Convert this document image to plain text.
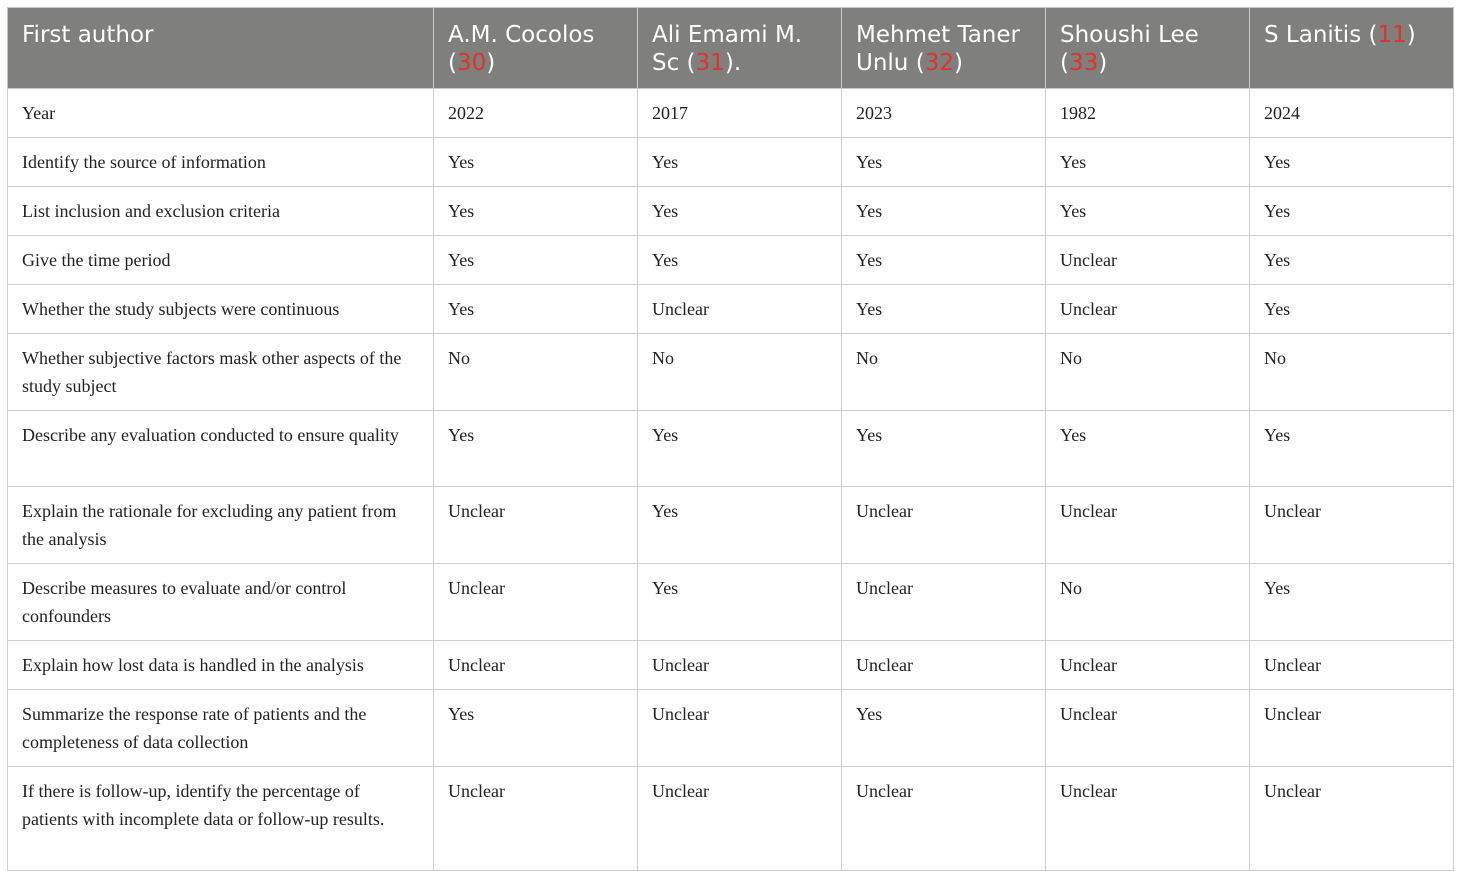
First author	A.M. Cocolos (30)	Ali Emami M. Sc (31).	Mehmet Taner Unlu (32)	Shoushi Lee (33)	S Lanitis (11)
Year	2022	2017	2023	1982	2024
Identify the source of information	Yes	Yes	Yes	Yes	Yes
List inclusion and exclusion criteria	Yes	Yes	Yes	Yes	Yes
Give the time period	Yes	Yes	Yes	Unclear	Yes
Whether the study subjects were continuous	Yes	Unclear	Yes	Unclear	Yes
Whether subjective factors mask other aspects of the study subject	No	No	No	No	No
Describe any evaluation conducted to ensure quality	Yes	Yes	Yes	Yes	Yes
Explain the rationale for excluding any patient from the analysis	Unclear	Yes	Unclear	Unclear	Unclear
Describe measures to evaluate and/or control confounders	Unclear	Yes	Unclear	No	Yes
Explain how lost data is handled in the analysis	Unclear	Unclear	Unclear	Unclear	Unclear
Summarize the response rate of patients and the completeness of data collection	Yes	Unclear	Yes	Unclear	Unclear
If there is follow-up, identify the percentage of patients with incomplete data or follow-up results.	Unclear	Unclear	Unclear	Unclear	Unclear
